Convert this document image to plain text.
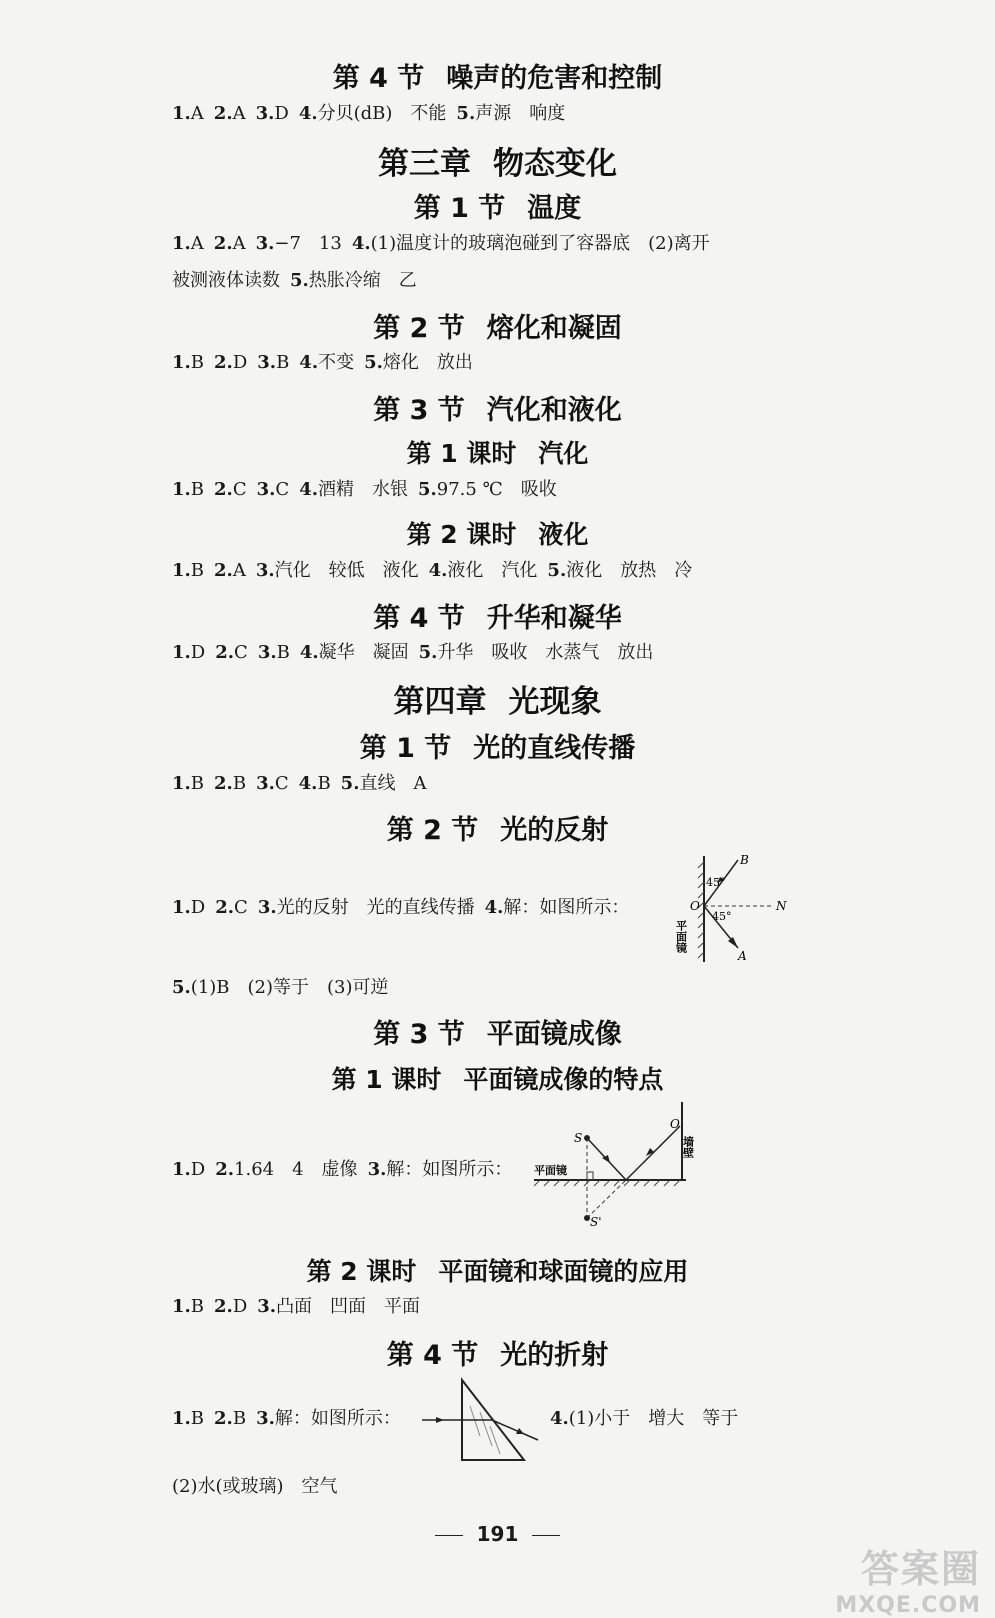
第 4 节 噪声的危害和控制
1.A 2.A 3.D 4.分贝(dB)　不能 5.声源　响度
第三章 物态变化
第 1 节 温度
1.A 2.A 3.−7　13 4.(1)温度计的玻璃泡碰到了容器底　(2)离开
被测液体读数 5.热胀冷缩　乙
第 2 节 熔化和凝固
1.B 2.D 3.B 4.不变 5.熔化　放出
第 3 节 汽化和液化
第 1 课时 汽化
1.B 2.C 3.C 4.酒精　水银 5.97.5 ℃　吸收
第 2 课时 液化
1.B 2.A 3.汽化　较低　液化 4.液化　汽化 5.液化　放热　冷
第 4 节 升华和凝华
1.D 2.C 3.B 4.凝华　凝固 5.升华　吸收　水蒸气　放出
第四章 光现象
第 1 节 光的直线传播
1.B 2.B 3.C 4.B 5.直线　A
第 2 节 光的反射
1.D 2.C 3.光的反射　光的直线传播 4.解：如图所示：
B
45°
O
45°
N
A
平面镜
5.(1)B　(2)等于　(3)可逆
第 3 节 平面镜成像
第 1 课时 平面镜成像的特点
1.D 2.1.64　4　虚像 3.解：如图所示：
S
S'
O
平面镜
墙壁
第 2 课时 平面镜和球面镜的应用
1.B 2.D 3.凸面　凹面　平面
第 4 节 光的折射
1.B 2.B 3.解：如图所示：	4.(1)小于　增大　等于
(2)水(或玻璃)　空气
191
答案圈
MXQE.COM
